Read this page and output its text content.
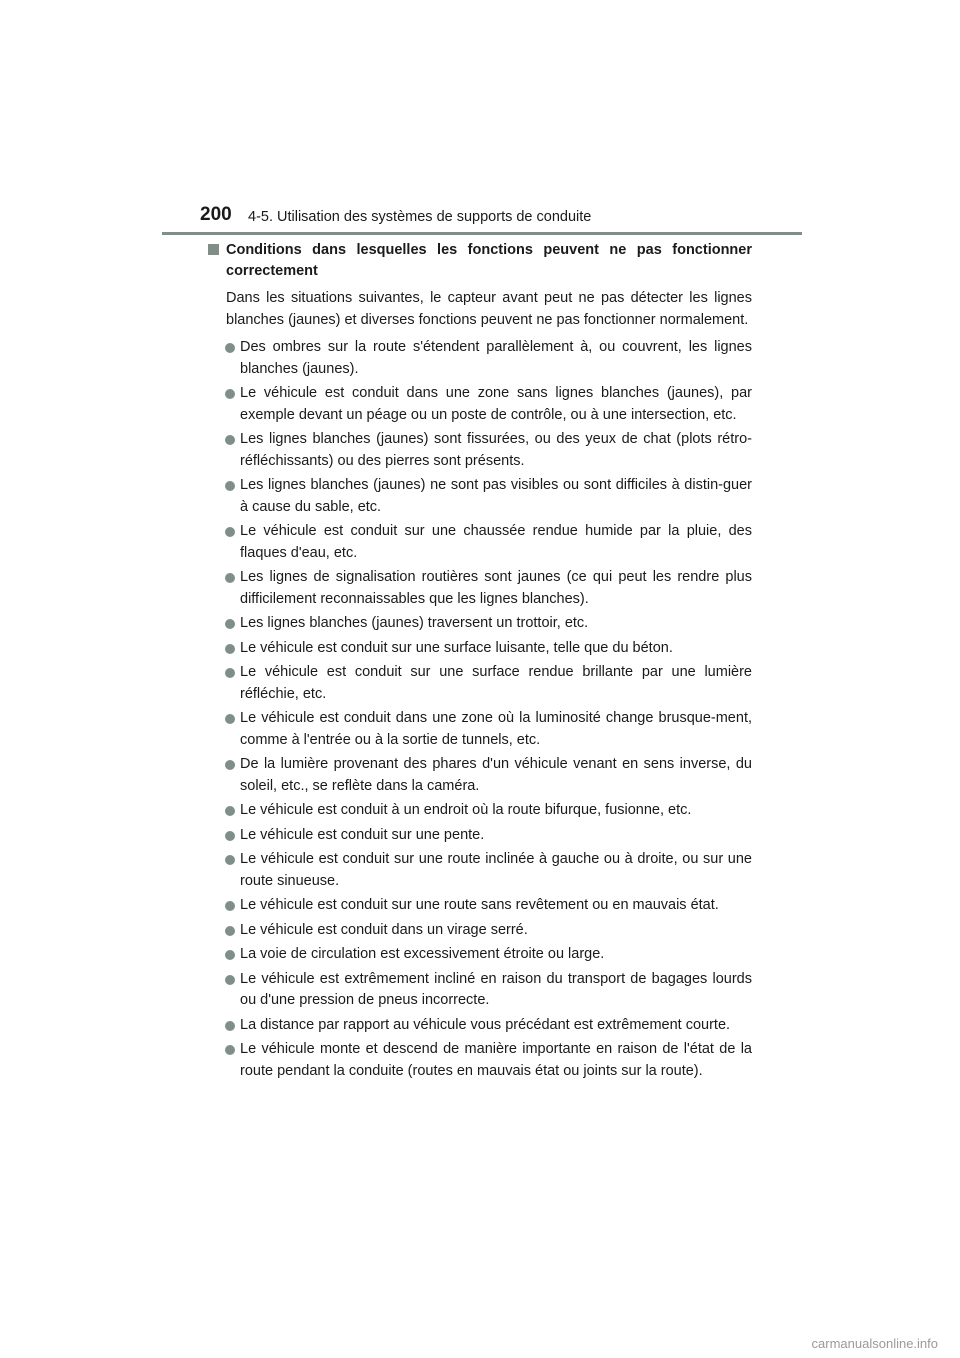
200 4-5. Utilisation des systèmes de supports de conduite
Conditions dans lesquelles les fonctions peuvent ne pas fonctionner correctement

Dans les situations suivantes, le capteur avant peut ne pas détecter les lignes blanches (jaunes) et diverses fonctions peuvent ne pas fonctionner normalement.

Des ombres sur la route s'étendent parallèlement à, ou couvrent, les lignes blanches (jaunes).
Le véhicule est conduit dans une zone sans lignes blanches (jaunes), par exemple devant un péage ou un poste de contrôle, ou à une intersection, etc.
Les lignes blanches (jaunes) sont fissurées, ou des yeux de chat (plots rétro-réfléchissants) ou des pierres sont présents.
Les lignes blanches (jaunes) ne sont pas visibles ou sont difficiles à distin-guer à cause du sable, etc.
Le véhicule est conduit sur une chaussée rendue humide par la pluie, des flaques d'eau, etc.
Les lignes de signalisation routières sont jaunes (ce qui peut les rendre plus difficilement reconnaissables que les lignes blanches).
Les lignes blanches (jaunes) traversent un trottoir, etc.
Le véhicule est conduit sur une surface luisante, telle que du béton.
Le véhicule est conduit sur une surface rendue brillante par une lumière réfléchie, etc.
Le véhicule est conduit dans une zone où la luminosité change brusque-ment, comme à l'entrée ou à la sortie de tunnels, etc.
De la lumière provenant des phares d'un véhicule venant en sens inverse, du soleil, etc., se reflète dans la caméra.
Le véhicule est conduit à un endroit où la route bifurque, fusionne, etc.
Le véhicule est conduit sur une pente.
Le véhicule est conduit sur une route inclinée à gauche ou à droite, ou sur une route sinueuse.
Le véhicule est conduit sur une route sans revêtement ou en mauvais état.
Le véhicule est conduit dans un virage serré.
La voie de circulation est excessivement étroite ou large.
Le véhicule est extrêmement incliné en raison du transport de bagages lourds ou d'une pression de pneus incorrecte.
La distance par rapport au véhicule vous précédant est extrêmement courte.
Le véhicule monte et descend de manière importante en raison de l'état de la route pendant la conduite (routes en mauvais état ou joints sur la route).
carmanualsonline.info
